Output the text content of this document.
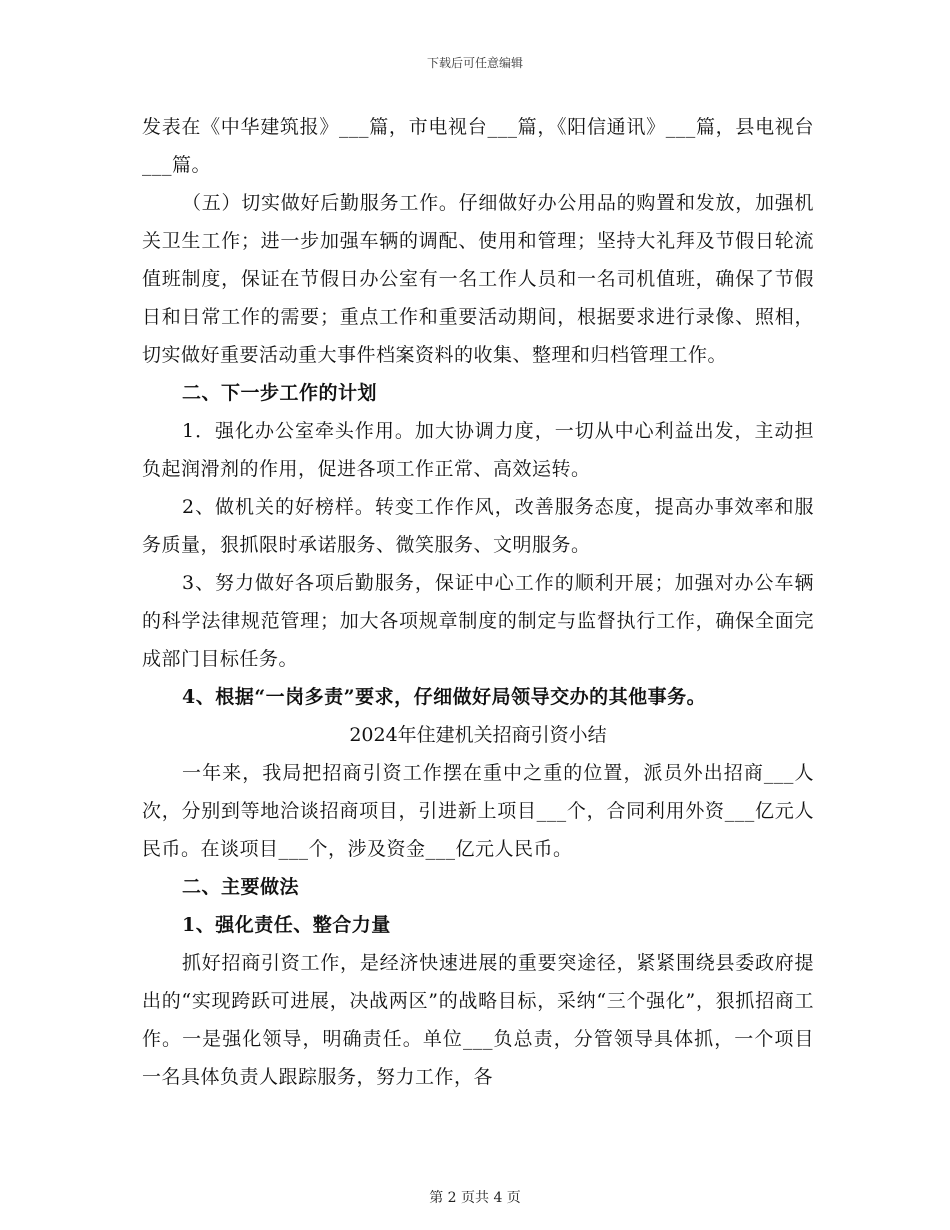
下载后可任意编辑

发表在《中华建筑报》___篇，市电视台___篇，《阳信通讯》___篇，县电视台___篇。

（五）切实做好后勤服务工作。仔细做好办公用品的购置和发放，加强机关卫生工作；进一步加强车辆的调配、使用和管理；坚持大礼拜及节假日轮流值班制度，保证在节假日办公室有一名工作人员和一名司机值班，确保了节假日和日常工作的需要；重点工作和重要活动期间，根据要求进行录像、照相，切实做好重要活动重大事件档案资料的收集、整理和归档管理工作。

二、下一步工作的计划

1．强化办公室牵头作用。加大协调力度，一切从中心利益出发，主动担负起润滑剂的作用，促进各项工作正常、高效运转。

2、做机关的好榜样。转变工作作风，改善服务态度，提高办事效率和服务质量，狠抓限时承诺服务、微笑服务、文明服务。

3、努力做好各项后勤服务，保证中心工作的顺利开展；加强对办公车辆的科学法律规范管理；加大各项规章制度的制定与监督执行工作，确保全面完成部门目标任务。

4、根据“一岗多责”要求，仔细做好局领导交办的其他事务。

2024年住建机关招商引资小结

一年来，我局把招商引资工作摆在重中之重的位置，派员外出招商___人次，分别到等地洽谈招商项目，引进新上项目___个，合同利用外资___亿元人民币。在谈项目___个，涉及资金___亿元人民币。

二、主要做法

1、强化责任、整合力量

抓好招商引资工作，是经济快速进展的重要突途径，紧紧围绕县委政府提出的“实现跨跃可进展，决战两区”的战略目标，采纳“三个强化”，狠抓招商工作。一是强化领导，明确责任。单位___负总责，分管领导具体抓，一个项目一名具体负责人跟踪服务，努力工作，各

第 2 页共 4 页
